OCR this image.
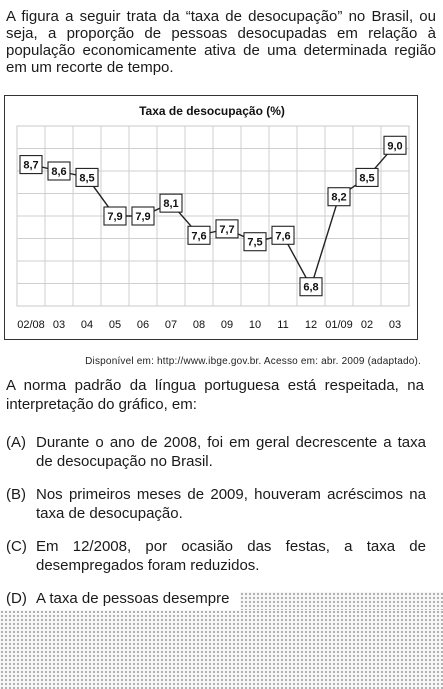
A figura a seguir trata da “taxa de desocupação” no Brasil, ou seja, a proporção de pessoas desocupadas em relação à população economicamente ativa de uma determinada região em um recorte de tempo.

Taxa de desocupação (%)
8,7
8,6
8,5
7,9 7,9
8,1
7,6
7,7
7,5
7,6
6,8
8,2
8,5
9,0
02/08 03 04 05 06 07 08 09 10 11 12 01/09 02 03

Disponível em: http://www.ibge.gov.br. Acesso em: abr. 2009 (adaptado).

A norma padrão da língua portuguesa está respeitada, na interpretação do gráfico, em:

(A) Durante o ano de 2008, foi em geral decrescente a taxa de desocupação no Brasil.
(B) Nos primeiros meses de 2009, houveram acréscimos na taxa de desocupação.
(C) Em 12/2008, por ocasião das festas, a taxa de desempregados foram reduzidos.
(D) A taxa de pessoas desempre
